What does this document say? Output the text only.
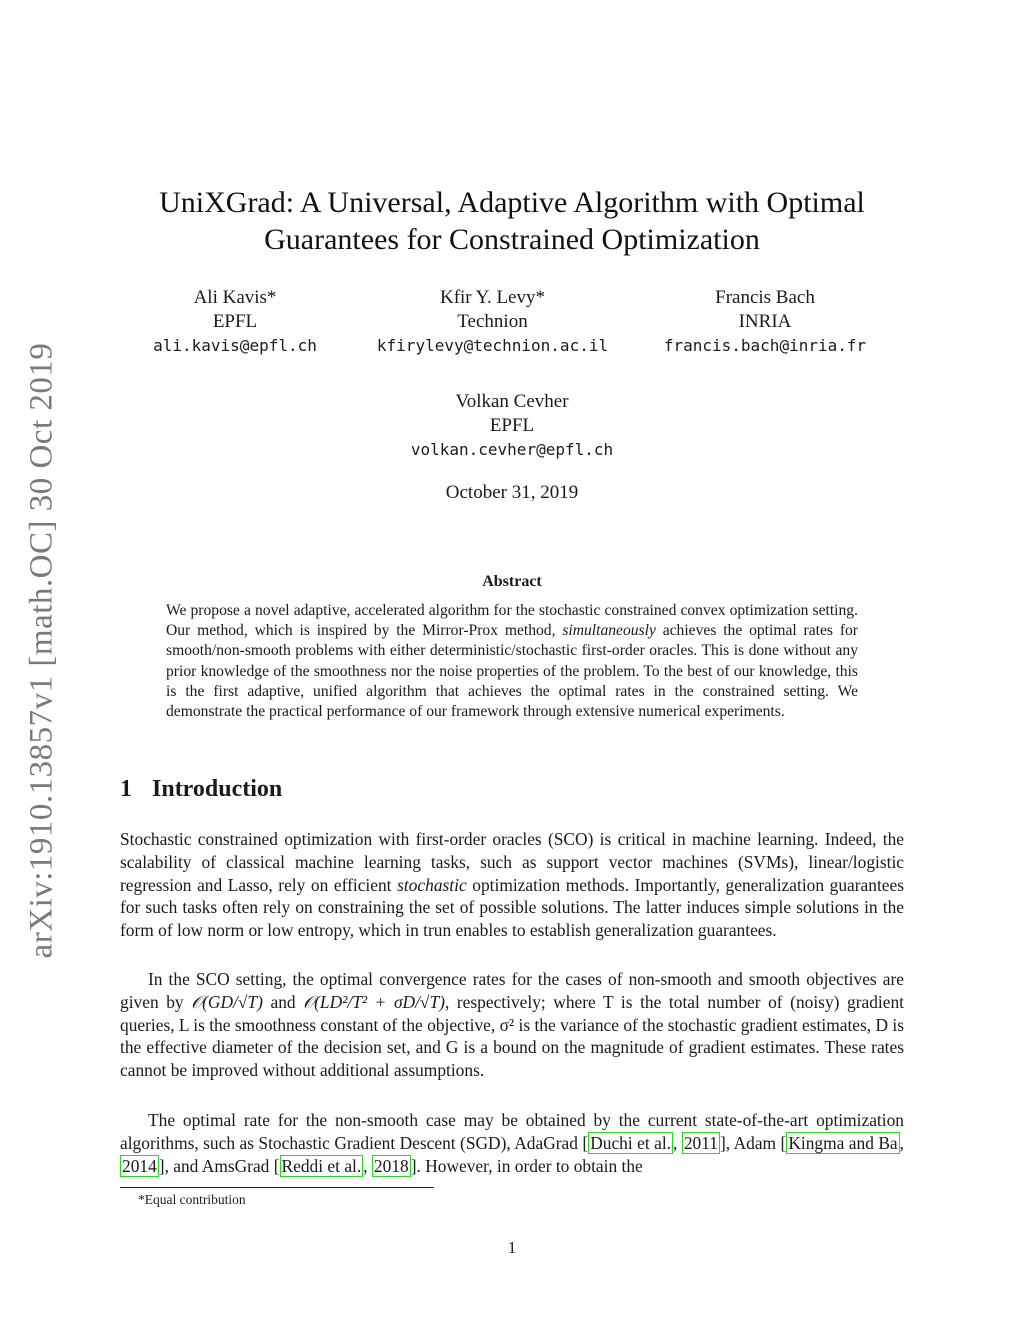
arXiv:1910.13857v1 [math.OC] 30 Oct 2019
UniXGrad: A Universal, Adaptive Algorithm with Optimal Guarantees for Constrained Optimization
Ali Kavis*
EPFL
ali.kavis@epfl.ch
Kfir Y. Levy*
Technion
kfirylevy@technion.ac.il
Francis Bach
INRIA
francis.bach@inria.fr
Volkan Cevher
EPFL
volkan.cevher@epfl.ch
October 31, 2019
Abstract

We propose a novel adaptive, accelerated algorithm for the stochastic constrained convex optimization setting. Our method, which is inspired by the Mirror-Prox method, simultaneously achieves the optimal rates for smooth/non-smooth problems with either deterministic/stochastic first-order oracles. This is done without any prior knowledge of the smoothness nor the noise properties of the problem. To the best of our knowledge, this is the first adaptive, unified algorithm that achieves the optimal rates in the constrained setting. We demonstrate the practical performance of our framework through extensive numerical experiments.

1 Introduction

Stochastic constrained optimization with first-order oracles (SCO) is critical in machine learning. Indeed, the scalability of classical machine learning tasks, such as support vector machines (SVMs), linear/logistic regression and Lasso, rely on efficient stochastic optimization methods. Importantly, generalization guarantees for such tasks often rely on constraining the set of possible solutions. The latter induces simple solutions in the form of low norm or low entropy, which in trun enables to establish generalization guarantees.

In the SCO setting, the optimal convergence rates for the cases of non-smooth and smooth objectives are given by 𝒪(GD/√T) and 𝒪(LD²/T² + σD/√T), respectively; where T is the total number of (noisy) gradient queries, L is the smoothness constant of the objective, σ² is the variance of the stochastic gradient estimates, D is the effective diameter of the decision set, and G is a bound on the magnitude of gradient estimates. These rates cannot be improved without additional assumptions.

The optimal rate for the non-smooth case may be obtained by the current state-of-the-art optimization algorithms, such as Stochastic Gradient Descent (SGD), AdaGrad [ Duchi et al. , 2011 ], Adam [ Kingma and Ba , 2014 ], and AmsGrad [ Reddi et al. , 2018 ]. However, in order to obtain the

*Equal contribution
1
